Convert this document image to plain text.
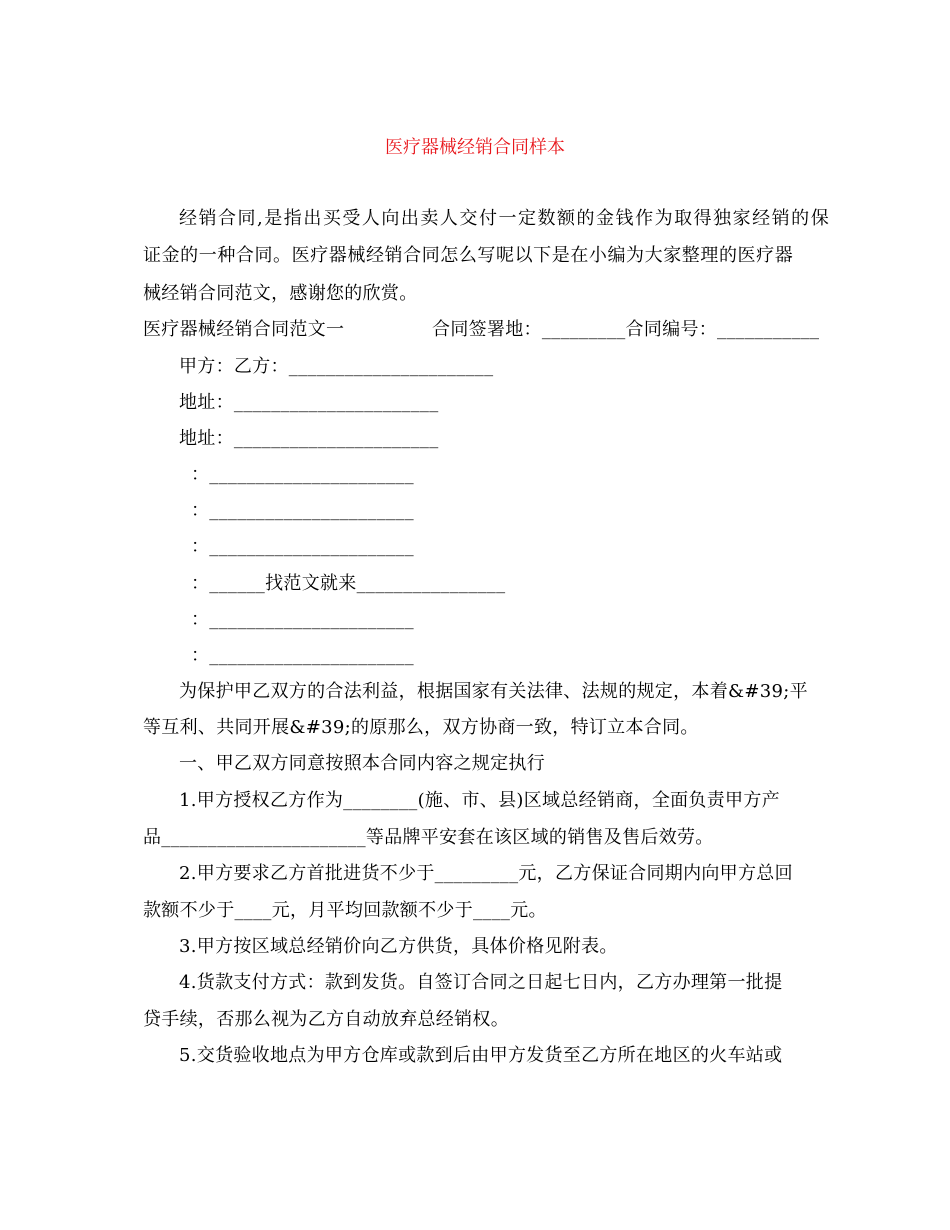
医疗器械经销合同样本
经销合同,是指出买受人向出卖人交付一定数额的金钱作为取得独家经销的保
证金的一种合同。医疗器械经销合同怎么写呢以下是在小编为大家整理的医疗器
械经销合同范文，感谢您的欣赏。
医疗器械经销合同范文一		合同签署地：_________合同编号：___________
甲方：乙方：______________________
地址：______________________
地址：______________________
：______________________
：______________________
：______________________
：______找范文就来________________
：______________________
：______________________
为保护甲乙双方的合法利益，根据国家有关法律、法规的规定，本着&#39;平
等互利、共同开展&#39;的原那么，双方协商一致，特订立本合同。
一、甲乙双方同意按照本合同内容之规定执行
1.甲方授权乙方作为________(施、市、县)区域总经销商，全面负责甲方产
品______________________等品牌平安套在该区域的销售及售后效劳。
2.甲方要求乙方首批进货不少于_________元，乙方保证合同期内向甲方总回
款额不少于____元，月平均回款额不少于____元。
3.甲方按区域总经销价向乙方供货，具体价格见附表。
4.货款支付方式：款到发货。自签订合同之日起七日内，乙方办理第一批提
贷手续，否那么视为乙方自动放弃总经销权。
5.交货验收地点为甲方仓库或款到后由甲方发货至乙方所在地区的火车站或
